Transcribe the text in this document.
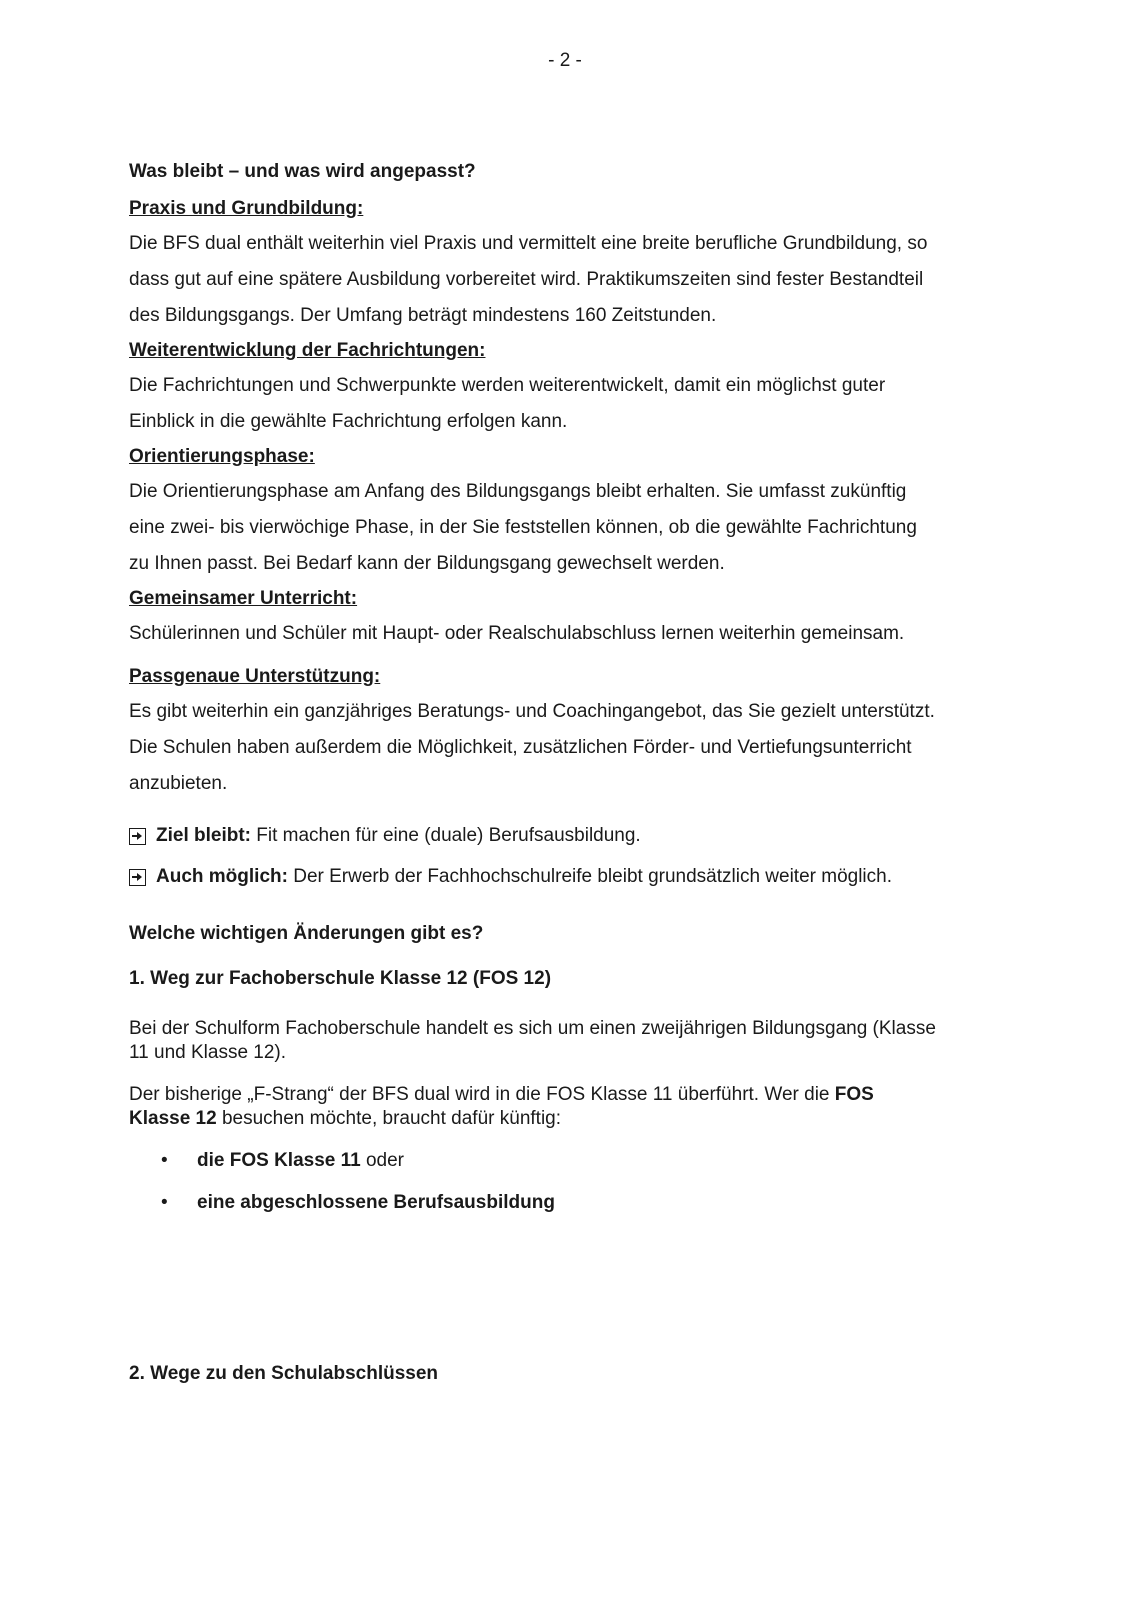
- 2 -

Was bleibt – und was wird angepasst?

Praxis und Grundbildung:

Die BFS dual enthält weiterhin viel Praxis und vermittelt eine breite berufliche Grundbildung, so

dass gut auf eine spätere Ausbildung vorbereitet wird. Praktikumszeiten sind fester Bestandteil

des Bildungsgangs. Der Umfang beträgt mindestens 160 Zeitstunden.

Weiterentwicklung der Fachrichtungen:

Die Fachrichtungen und Schwerpunkte werden weiterentwickelt, damit ein möglichst guter

Einblick in die gewählte Fachrichtung erfolgen kann.

Orientierungsphase:

Die Orientierungsphase am Anfang des Bildungsgangs bleibt erhalten. Sie umfasst zukünftig

eine zwei- bis vierwöchige Phase, in der Sie feststellen können, ob die gewählte Fachrichtung

zu Ihnen passt. Bei Bedarf kann der Bildungsgang gewechselt werden.

Gemeinsamer Unterricht:

Schülerinnen und Schüler mit Haupt- oder Realschulabschluss lernen weiterhin gemeinsam.

Passgenaue Unterstützung:

Es gibt weiterhin ein ganzjähriges Beratungs- und Coachingangebot, das Sie gezielt unterstützt.

Die Schulen haben außerdem die Möglichkeit, zusätzlichen Förder- und Vertiefungsunterricht

anzubieten.

Ziel bleibt: Fit machen für eine (duale) Berufsausbildung.

Auch möglich: Der Erwerb der Fachhochschulreife bleibt grundsätzlich weiter möglich.

Welche wichtigen Änderungen gibt es?

1. Weg zur Fachoberschule Klasse 12 (FOS 12)

Bei der Schulform Fachoberschule handelt es sich um einen zweijährigen Bildungsgang (Klasse
11 und Klasse 12).

Der bisherige „F-Strang“ der BFS dual wird in die FOS Klasse 11 überführt. Wer die FOS
Klasse 12 besuchen möchte, braucht dafür künftig:

• die FOS Klasse 11 oder
• eine abgeschlossene Berufsausbildung

2. Wege zu den Schulabschlüssen
